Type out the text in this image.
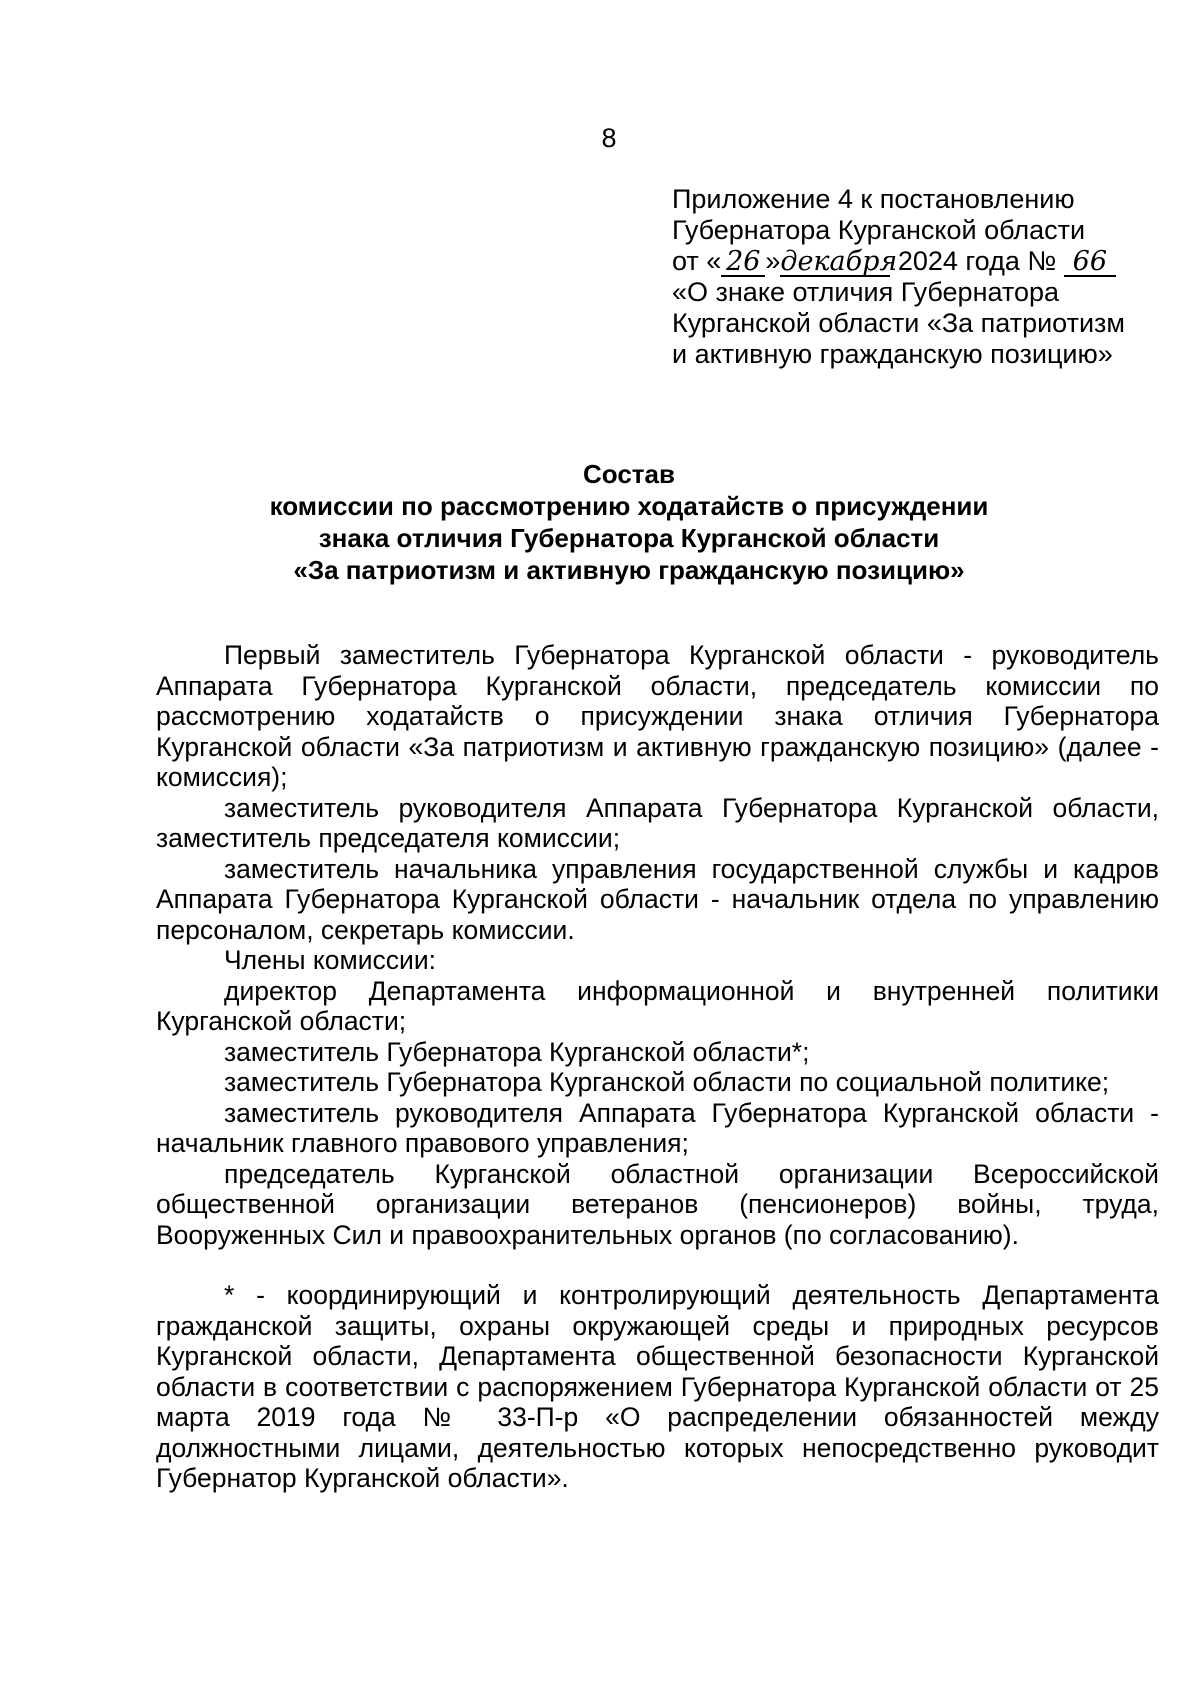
8
Приложение 4 к постановлению
Губернатора Курганской области
от « 26 »декабря 2024 года № 66
«О знаке отличия Губернатора
Курганской области «За патриотизм
и активную гражданскую позицию»
Состав
комиссии по рассмотрению ходатайств о присуждении
знака отличия Губернатора Курганской области
«За патриотизм и активную гражданскую позицию»

Первый заместитель Губернатора Курганской области - руководитель Аппарата Губернатора Курганской области, председатель комиссии по рассмотрению ходатайств о присуждении знака отличия Губернатора Курганской области «За патриотизм и активную гражданскую позицию» (далее - комиссия);

заместитель руководителя Аппарата Губернатора Курганской области, заместитель председателя комиссии;

заместитель начальника управления государственной службы и кадров Аппарата Губернатора Курганской области - начальник отдела по управлению персоналом, секретарь комиссии.

Члены комиссии:

директор Департамента информационной и внутренней политики Курганской области;

заместитель Губернатора Курганской области*;

заместитель Губернатора Курганской области по социальной политике;

заместитель руководителя Аппарата Губернатора Курганской области - начальник главного правового управления;

председатель Курганской областной организации Всероссийской общественной организации ветеранов (пенсионеров) войны, труда, Вооруженных Сил и правоохранительных органов (по согласованию).

* - координирующий и контролирующий деятельность Департамента гражданской защиты, охраны окружающей среды и природных ресурсов Курганской области, Департамента общественной безопасности Курганской области в соответствии с распоряжением Губернатора Курганской области от 25 марта 2019 года № 33-П-р «О распределении обязанностей между должностными лицами, деятельностью которых непосредственно руководит Губернатор Курганской области».
